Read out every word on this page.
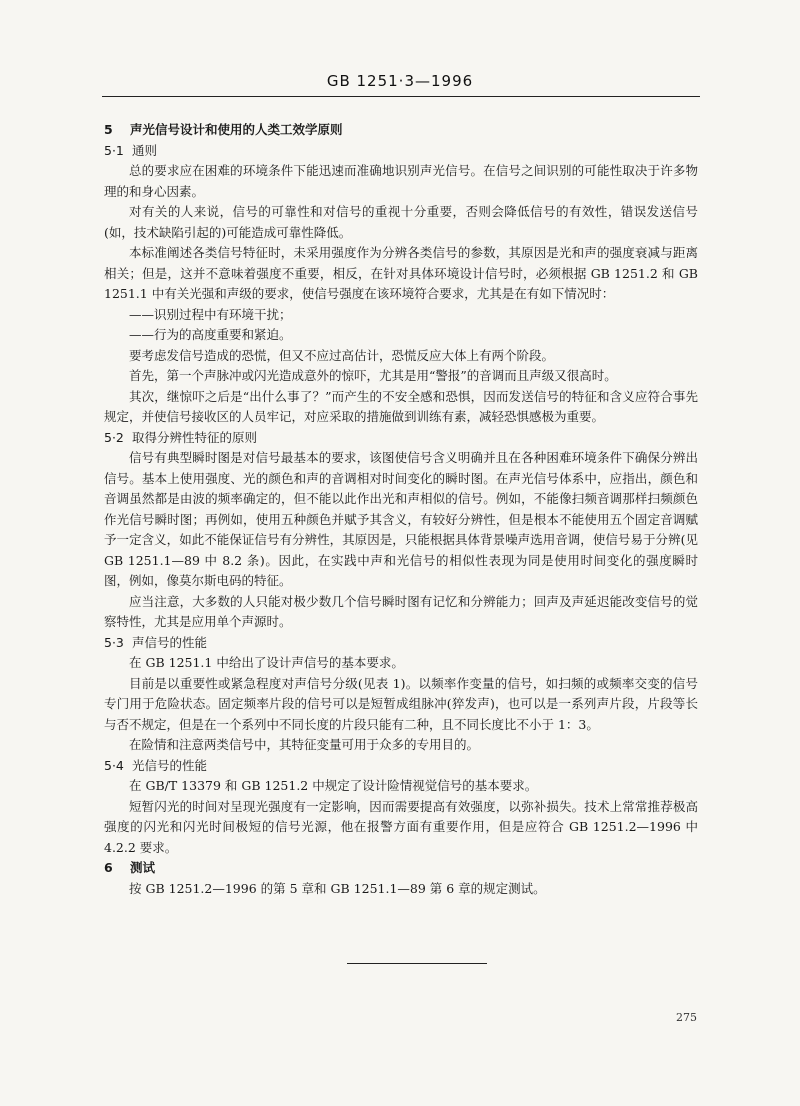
GB 1251·3—1996

5 声光信号设计和使用的人类工效学原则

5·1 通则

总的要求应在困难的环境条件下能迅速而准确地识别声光信号。在信号之间识别的可能性取决于许多物理的和身心因素。

对有关的人来说，信号的可靠性和对信号的重视十分重要，否则会降低信号的有效性，错误发送信号(如，技术缺陷引起的)可能造成可靠性降低。

本标准阐述各类信号特征时，未采用强度作为分辨各类信号的参数，其原因是光和声的强度衰减与距离相关；但是，这并不意味着强度不重要，相反，在针对具体环境设计信号时，必须根据 GB 1251.2 和 GB 1251.1 中有关光强和声级的要求，使信号强度在该环境符合要求，尤其是在有如下情况时：

——识别过程中有环境干扰；

——行为的高度重要和紧迫。

要考虑发信号造成的恐慌，但又不应过高估计，恐慌反应大体上有两个阶段。

首先，第一个声脉冲或闪光造成意外的惊吓，尤其是用“警报”的音调而且声级又很高时。

其次，继惊吓之后是“出什么事了？”而产生的不安全感和恐惧，因而发送信号的特征和含义应符合事先规定，并使信号接收区的人员牢记，对应采取的措施做到训练有素，减轻恐惧感极为重要。

5·2 取得分辨性特征的原则

信号有典型瞬时图是对信号最基本的要求，该图使信号含义明确并且在各种困难环境条件下确保分辨出信号。基本上使用强度、光的颜色和声的音调相对时间变化的瞬时图。在声光信号体系中，应指出，颜色和音调虽然都是由波的频率确定的，但不能以此作出光和声相似的信号。例如，不能像扫频音调那样扫频颜色作光信号瞬时图；再例如，使用五种颜色并赋予其含义，有较好分辨性，但是根本不能使用五个固定音调赋予一定含义，如此不能保证信号有分辨性，其原因是，只能根据具体背景噪声选用音调，使信号易于分辨(见 GB 1251.1—89 中 8.2 条)。因此，在实践中声和光信号的相似性表现为同是使用时间变化的强度瞬时图，例如，像莫尔斯电码的特征。

应当注意，大多数的人只能对极少数几个信号瞬时图有记忆和分辨能力；回声及声延迟能改变信号的觉察特性，尤其是应用单个声源时。

5·3 声信号的性能

在 GB 1251.1 中给出了设计声信号的基本要求。

目前是以重要性或紧急程度对声信号分级(见表 1)。以频率作变量的信号，如扫频的或频率交变的信号专门用于危险状态。固定频率片段的信号可以是短暂成组脉冲(猝发声)，也可以是一系列声片段，片段等长与否不规定，但是在一个系列中不同长度的片段只能有二种，且不同长度比不小于 1：3。

在险情和注意两类信号中，其特征变量可用于众多的专用目的。

5·4 光信号的性能

在 GB/T 13379 和 GB 1251.2 中规定了设计险情视觉信号的基本要求。

短暂闪光的时间对呈现光强度有一定影响，因而需要提高有效强度，以弥补损失。技术上常常推荐极高强度的闪光和闪光时间极短的信号光源，他在报警方面有重要作用，但是应符合 GB 1251.2—1996 中 4.2.2 要求。

6 测试

按 GB 1251.2—1996 的第 5 章和 GB 1251.1—89 第 6 章的规定测试。

275
